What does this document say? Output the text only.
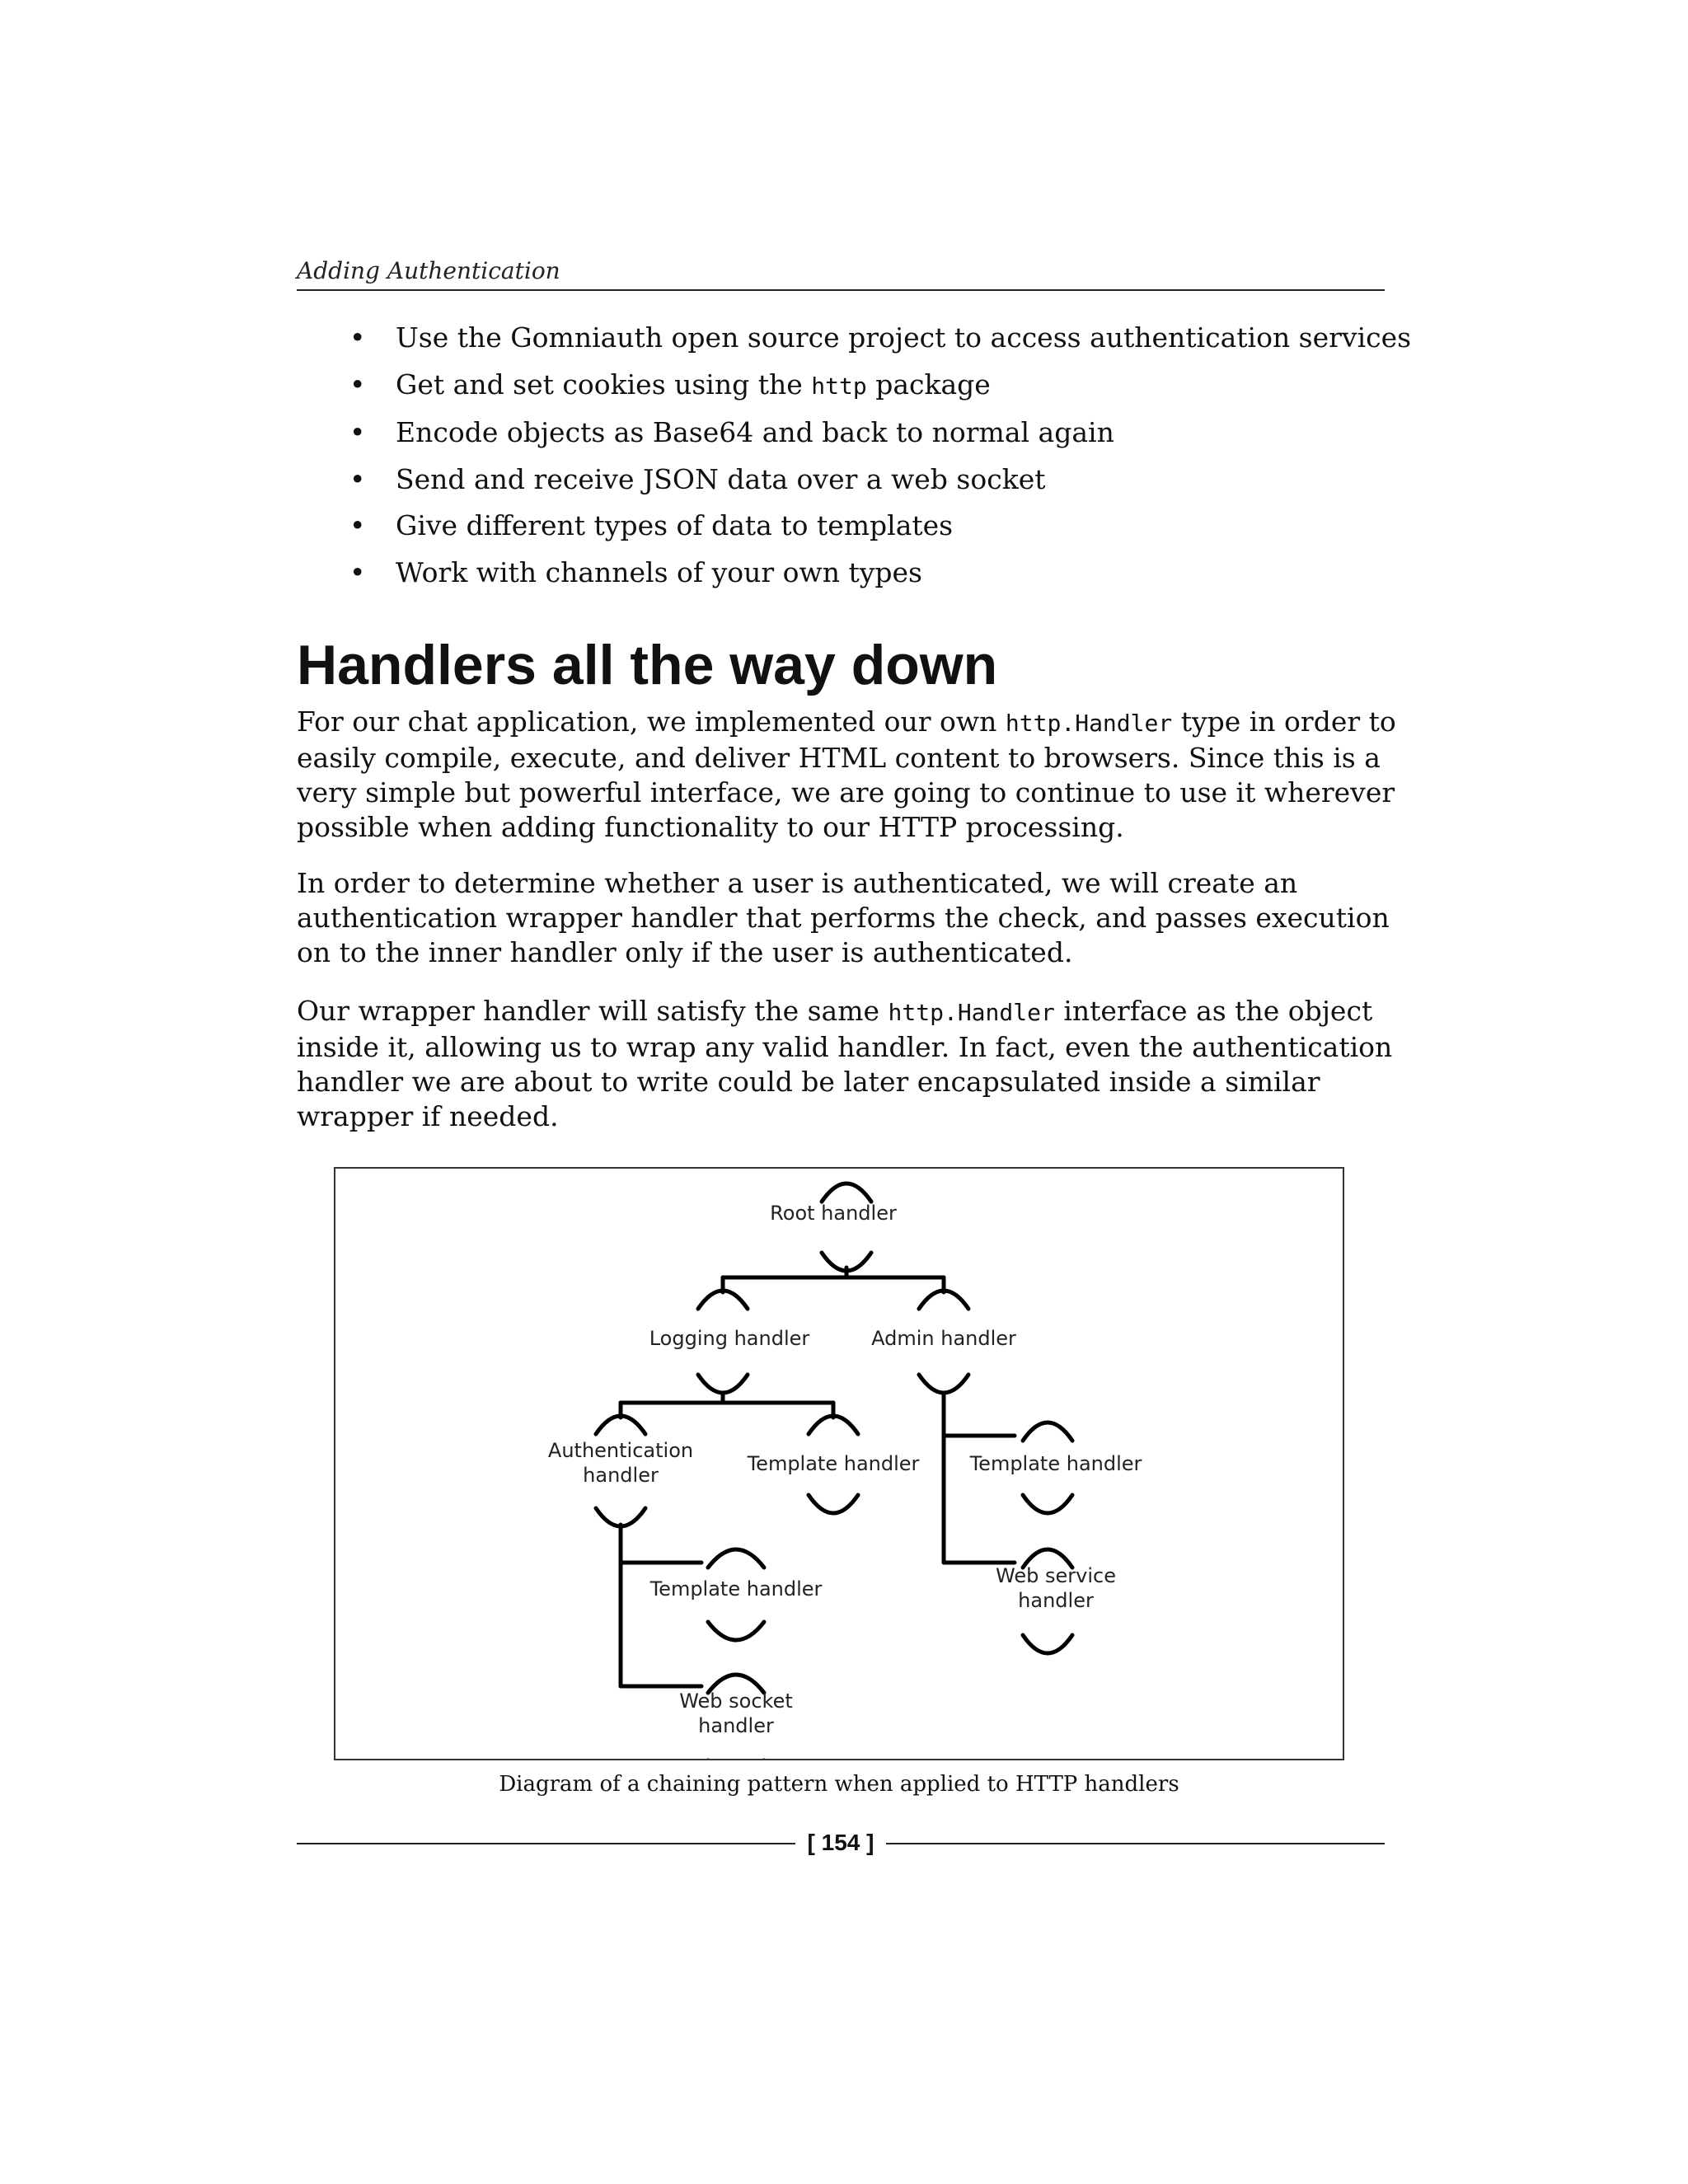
Adding Authentication
• Use the Gomniauth open source project to access authentication services
• Get and set cookies using the http package
• Encode objects as Base64 and back to normal again
• Send and receive JSON data over a web socket
• Give different types of data to templates
• Work with channels of your own types
Handlers all the way down

For our chat application, we implemented our own http.Handler type in order to easily compile, execute, and deliver HTML content to browsers. Since this is a very simple but powerful interface, we are going to continue to use it wherever possible when adding functionality to our HTTP processing.

In order to determine whether a user is authenticated, we will create an authentication wrapper handler that performs the check, and passes execution on to the inner handler only if the user is authenticated.

Our wrapper handler will satisfy the same http.Handler interface as the object inside it, allowing us to wrap any valid handler. In fact, even the authentication handler we are about to write could be later encapsulated inside a similar wrapper if needed.

Root handler
Logging handler	Admin handler
Authentication
handler	Template handler	Template handler
Template handler
Web service
handler
Web socket
handler
Diagram of a chaining pattern when applied to HTTP handlers
[ 154 ]
